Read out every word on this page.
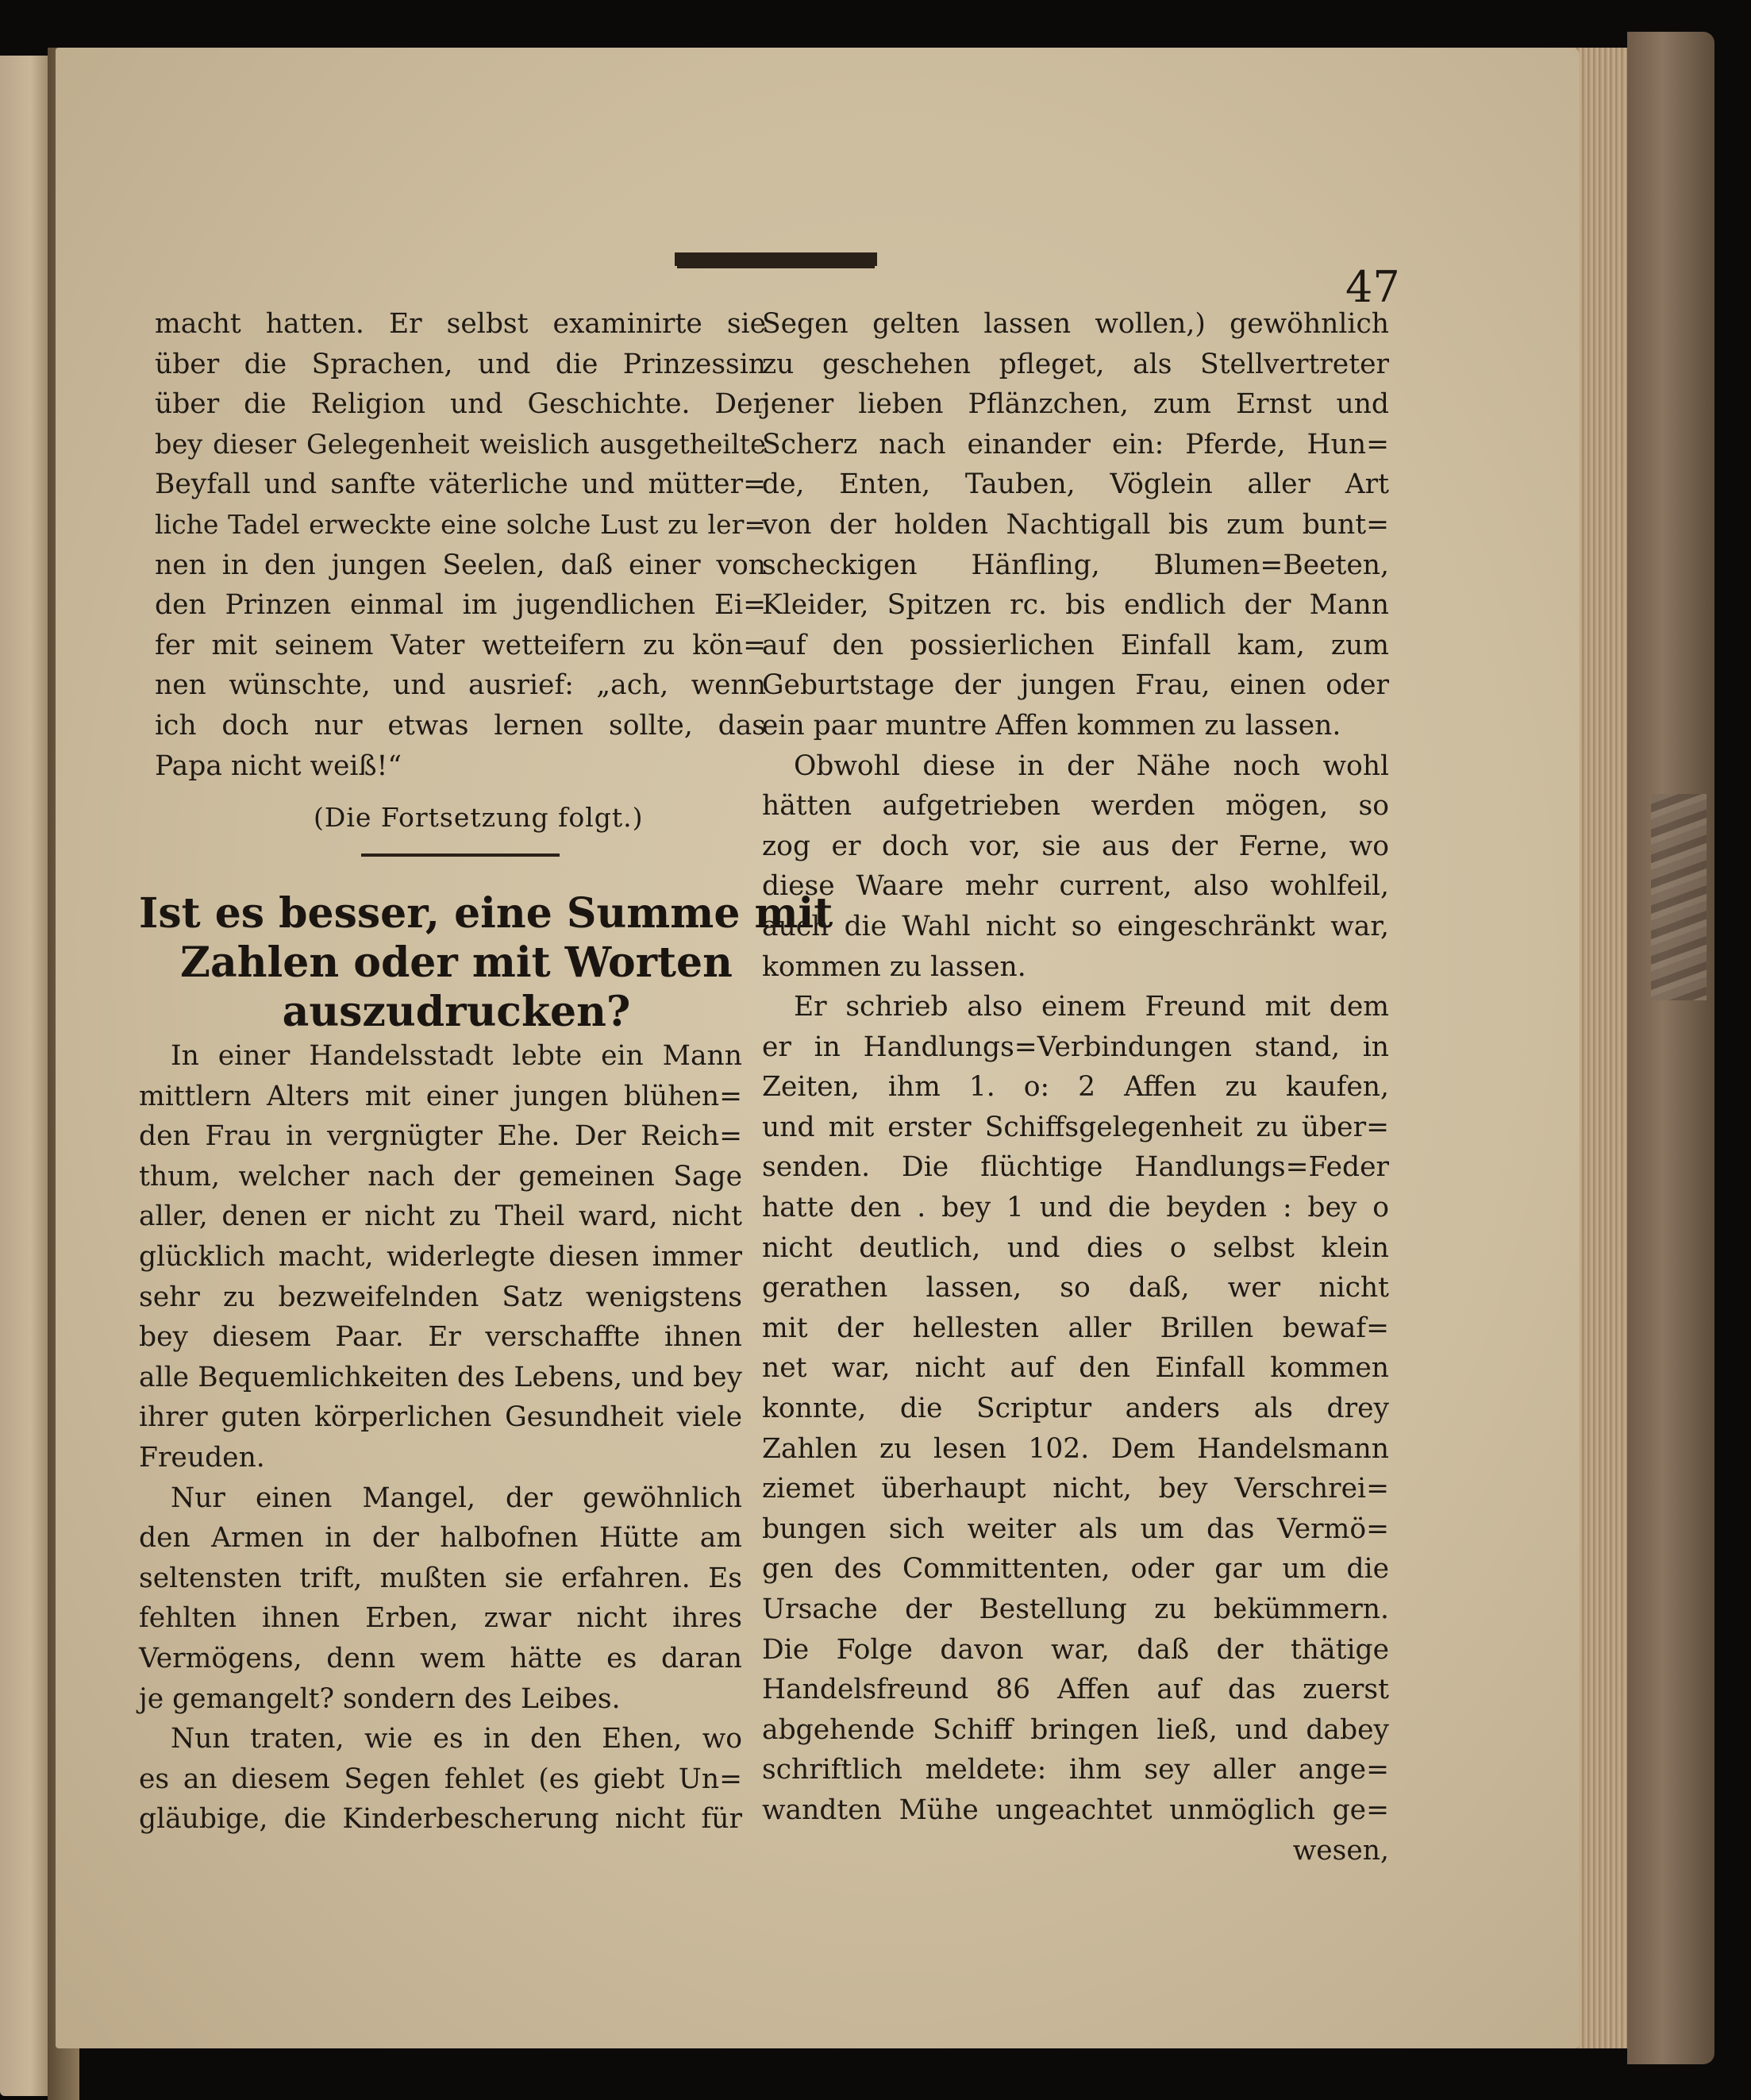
47
macht hatten. Er selbst examinirte sie
über die Sprachen, und die Prinzessin
über die Religion und Geschichte. Der
bey dieser Gelegenheit weislich ausgetheilte
Beyfall und sanfte väterliche und mütter=
liche Tadel erweckte eine solche Lust zu ler=
nen in den jungen Seelen, daß einer von
den Prinzen einmal im jugendlichen Ei=
fer mit seinem Vater wetteifern zu kön=
nen wünschte, und ausrief: „ach, wenn
ich doch nur etwas lernen sollte, das
Papa nicht weiß!“
(Die Fortsetzung folgt.)
Ist es besser, eine Summe mit
Zahlen oder mit Worten
auszudrucken?
In einer Handelsstadt lebte ein Mann
mittlern Alters mit einer jungen blühen=
den Frau in vergnügter Ehe. Der Reich=
thum, welcher nach der gemeinen Sage
aller, denen er nicht zu Theil ward, nicht
glücklich macht, widerlegte diesen immer
sehr zu bezweifelnden Satz wenigstens
bey diesem Paar. Er verschaffte ihnen
alle Bequemlichkeiten des Lebens, und bey
ihrer guten körperlichen Gesundheit viele
Freuden.
Nur einen Mangel, der gewöhnlich
den Armen in der halbofnen Hütte am
seltensten trift, mußten sie erfahren. Es
fehlten ihnen Erben, zwar nicht ihres
Vermögens, denn wem hätte es daran
je gemangelt? sondern des Leibes.
Nun traten, wie es in den Ehen, wo
es an diesem Segen fehlet (es giebt Un=
gläubige, die Kinderbescherung nicht für
Segen gelten lassen wollen,) gewöhnlich
zu geschehen pfleget, als Stellvertreter
jener lieben Pflänzchen, zum Ernst und
Scherz nach einander ein: Pferde, Hun=
de, Enten, Tauben, Vöglein aller Art
von der holden Nachtigall bis zum bunt=
scheckigen Hänfling, Blumen=Beeten,
Kleider, Spitzen rc. bis endlich der Mann
auf den possierlichen Einfall kam, zum
Geburtstage der jungen Frau, einen oder
ein paar muntre Affen kommen zu lassen.
Obwohl diese in der Nähe noch wohl
hätten aufgetrieben werden mögen, so
zog er doch vor, sie aus der Ferne, wo
diese Waare mehr current, also wohlfeil,
auch die Wahl nicht so eingeschränkt war,
kommen zu lassen.
Er schrieb also einem Freund mit dem
er in Handlungs=Verbindungen stand, in
Zeiten, ihm 1. o: 2 Affen zu kaufen,
und mit erster Schiffsgelegenheit zu über=
senden. Die flüchtige Handlungs=Feder
hatte den . bey 1 und die beyden : bey o
nicht deutlich, und dies o selbst klein
gerathen lassen, so daß, wer nicht
mit der hellesten aller Brillen bewaf=
net war, nicht auf den Einfall kommen
konnte, die Scriptur anders als drey
Zahlen zu lesen 102. Dem Handelsmann
ziemet überhaupt nicht, bey Verschrei=
bungen sich weiter als um das Vermö=
gen des Committenten, oder gar um die
Ursache der Bestellung zu bekümmern.
Die Folge davon war, daß der thätige
Handelsfreund 86 Affen auf das zuerst
abgehende Schiff bringen ließ, und dabey
schriftlich meldete: ihm sey aller ange=
wandten Mühe ungeachtet unmöglich ge=
wesen,
